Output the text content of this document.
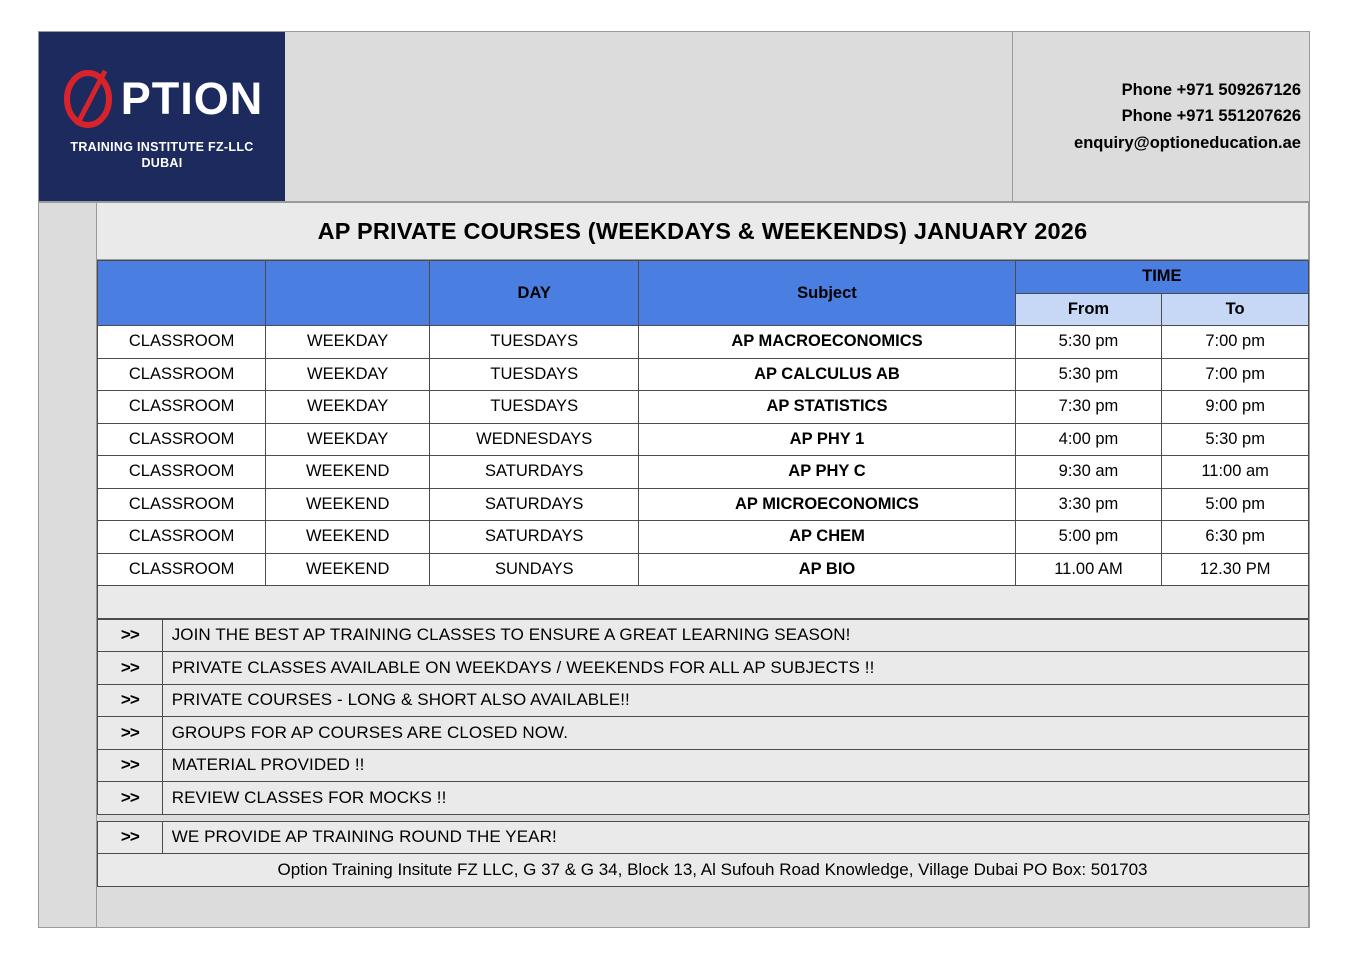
PTION
TRAINING INSTITUTE FZ-LLC
DUBAI
Phone +971 509267126
Phone +971 551207626
enquiry@optioneducation.ae
AP PRIVATE COURSES (WEEKDAYS & WEEKENDS) JANUARY 2026
		DAY	Subject	TIME	
				From	To
CLASSROOM	WEEKDAY	TUESDAYS	AP MACROECONOMICS	5:30 pm	7:00 pm
CLASSROOM	WEEKDAY	TUESDAYS	AP CALCULUS AB	5:30 pm	7:00 pm
CLASSROOM	WEEKDAY	TUESDAYS	AP STATISTICS	7:30 pm	9:00 pm
CLASSROOM	WEEKDAY	WEDNESDAYS	AP PHY 1	4:00 pm	5:30 pm
CLASSROOM	WEEKEND	SATURDAYS	AP PHY C	9:30 am	11:00 am
CLASSROOM	WEEKEND	SATURDAYS	AP MICROECONOMICS	3:30 pm	5:00 pm
CLASSROOM	WEEKEND	SATURDAYS	AP CHEM	5:00 pm	6:30 pm
CLASSROOM	WEEKEND	SUNDAYS	AP BIO	11.00 AM	12.30 PM

>>	JOIN THE BEST AP TRAINING CLASSES TO ENSURE A GREAT LEARNING SEASON!
>>	PRIVATE CLASSES AVAILABLE ON WEEKDAYS / WEEKENDS FOR ALL AP SUBJECTS !!
>>	PRIVATE COURSES - LONG & SHORT ALSO AVAILABLE!!
>>	GROUPS FOR AP COURSES ARE CLOSED NOW.
>>	MATERIAL PROVIDED !!
>>	REVIEW CLASSES FOR MOCKS !!

>>	WE PROVIDE AP TRAINING ROUND THE YEAR!
Option Training Insitute FZ LLC, G 37 & G 34, Block 13, Al Sufouh Road Knowledge, Village Dubai PO Box: 501703	
